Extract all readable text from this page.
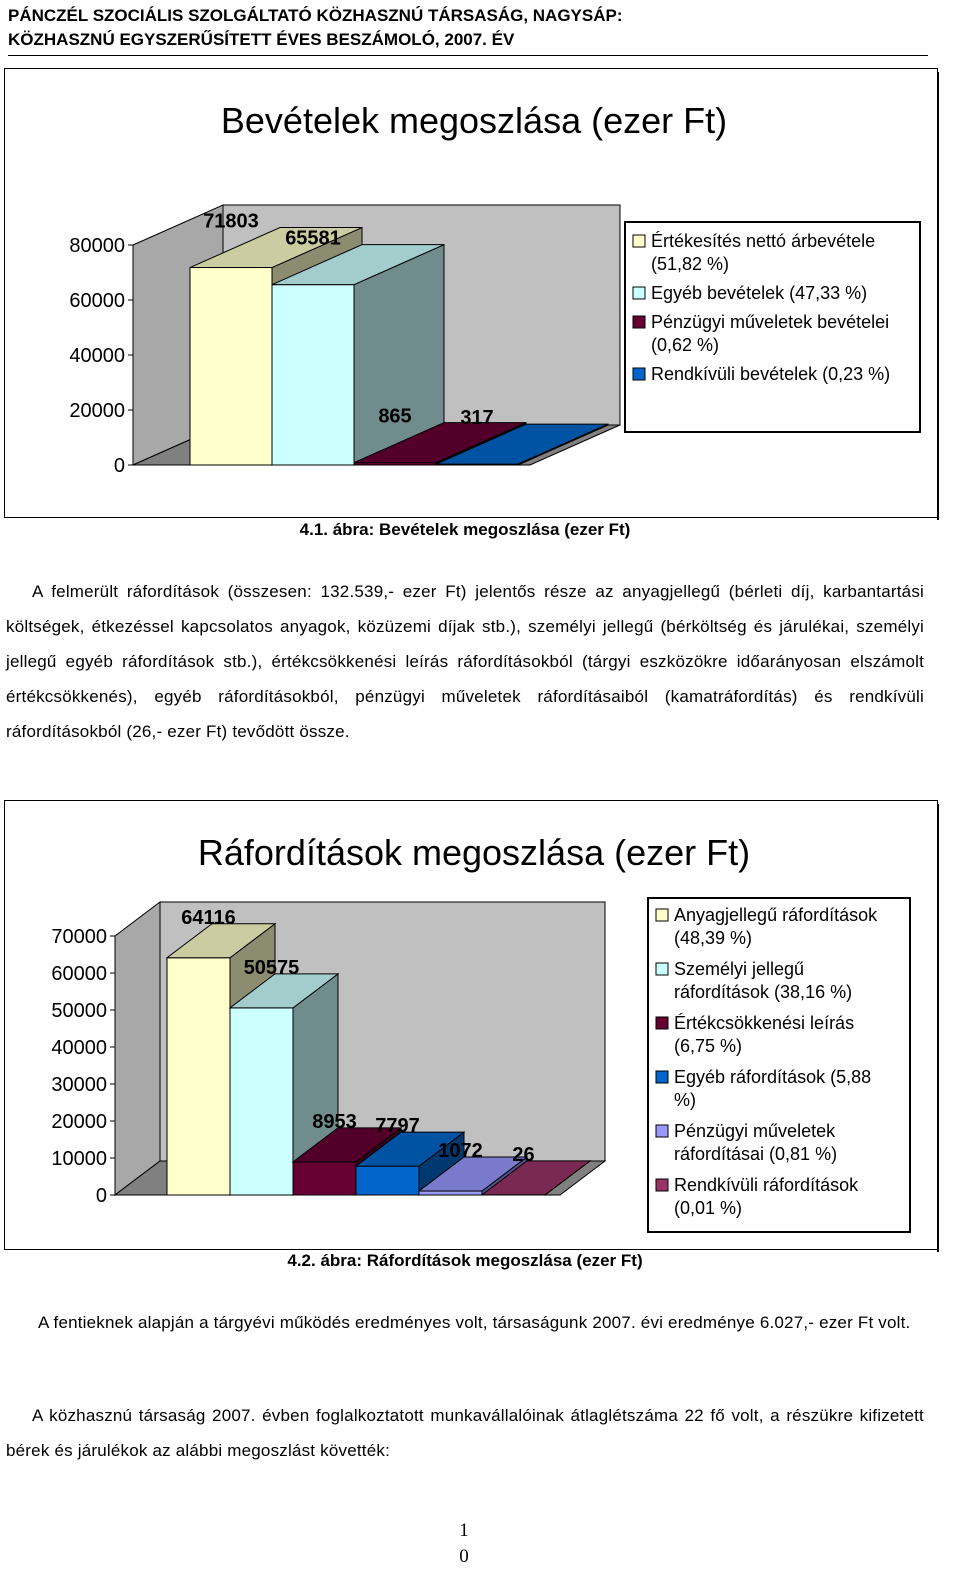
PÁNCZÉL SZOCIÁLIS SZOLGÁLTATÓ KÖZHASZNÚ TÁRSASÁG, NAGYSÁP:
KÖZHASZNÚ EGYSZERŰSÍTETT ÉVES BESZÁMOLÓ, 2007. ÉV
Bevételek megoszlása (ezer Ft)
80000
60000
40000
20000
0
71803
65581
865 317
Értékesítés nettó árbevétele
(51,82 %)
Egyéb bevételek (47,33 %)
Pénzügyi műveletek bevételei
(0,62 %)
Rendkívüli bevételek (0,23 %)
4.1. ábra: Bevételek megoszlása (ezer Ft)
A felmerült ráfordítások (összesen: 132.539,- ezer Ft) jelentős része az anyagjellegű (bérleti díj, karbantartási költségek, étkezéssel kapcsolatos anyagok, közüzemi díjak stb.), személyi jellegű (bérköltség és járulékai, személyi jellegű egyéb ráfordítások stb.), értékcsökkenési leírás ráfordításokból (tárgyi eszközökre időarányosan elszámolt értékcsökkenés), egyéb ráfordításokból, pénzügyi műveletek ráfordításaiból (kamatráfordítás) és rendkívüli ráfordításokból (26,- ezer Ft) tevődött össze.
Ráfordítások megoszlása (ezer Ft)
70000
60000
50000
40000
30000
20000
10000
0
64116
50575
8953 7797
1072 26
Anyagjellegű ráfordítások
(48,39 %)
Személyi jellegű
ráfordítások (38,16 %)
Értékcsökkenési leírás
(6,75 %)
Egyéb ráfordítások (5,88
%)
Pénzügyi műveletek
ráfordításai (0,81 %)
Rendkívüli ráfordítások
(0,01 %)
4.2. ábra: Ráfordítások megoszlása (ezer Ft)
A fentieknek alapján a tárgyévi működés eredményes volt, társaságunk 2007. évi eredménye 6.027,- ezer Ft volt.
A közhasznú társaság 2007. évben foglalkoztatott munkavállalóinak átlaglétszáma 22 fő volt, a részükre kifizetett bérek és járulékok az alábbi megoszlást követték:
1
0
